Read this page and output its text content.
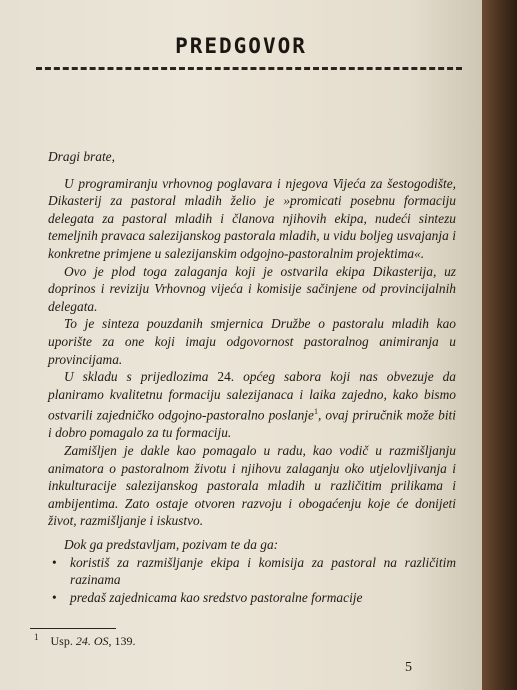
PREDGOVOR

Dragi brate,

U programiranju vrhovnog poglavara i njegova Vijeća za šestogodište, Dikasterij za pastoral mladih želio je »promicati posebnu formaciju delegata za pastoral mladih i članova njihovih ekipa, nudeći sintezu temeljnih pravaca salezijanskog pastorala mladih, u vidu boljeg usvajanja i konkretne primjene u salezijanskim odgojno-pastoralnim projektima«.

Ovo je plod toga zalaganja koji je ostvarila ekipa Dikasterija, uz doprinos i reviziju Vrhovnog vijeća i komisije sačinjene od provincijalnih delegata.

To je sinteza pouzdanih smjernica Družbe o pastoralu mladih kao uporište za one koji imaju odgovornost pastoralnog animiranja u provincijama.

U skladu s prijedlozima 24. općeg sabora koji nas obvezuje da planiramo kvalitetnu formaciju salezijanaca i laika zajedno, kako bismo ostvarili zajedničko odgojno-pastoralno poslanje$^1$, ovaj priručnik može biti i dobro pomagalo za tu formaciju.

Zamišljen je dakle kao pomagalo u radu, kao vodič u razmišljanju animatora o pastoralnom životu i njihovu zalaganju oko utjelovljivanja i inkulturacije salezijanskog pastorala mladih u različitim prilikama i ambijentima. Zato ostaje otvoren razvoju i obogaćenju koje će donijeti život, razmišljanje i iskustvo.

Dok ga predstavljam, pozivam te da ga:

• koristiš za razmišljanje ekipa i komisija za pastoral na različitim razinama
• predaš zajednicama kao sredstvo pastoralne formacije
$^1$ Usp. 24. OS, 139.
5
